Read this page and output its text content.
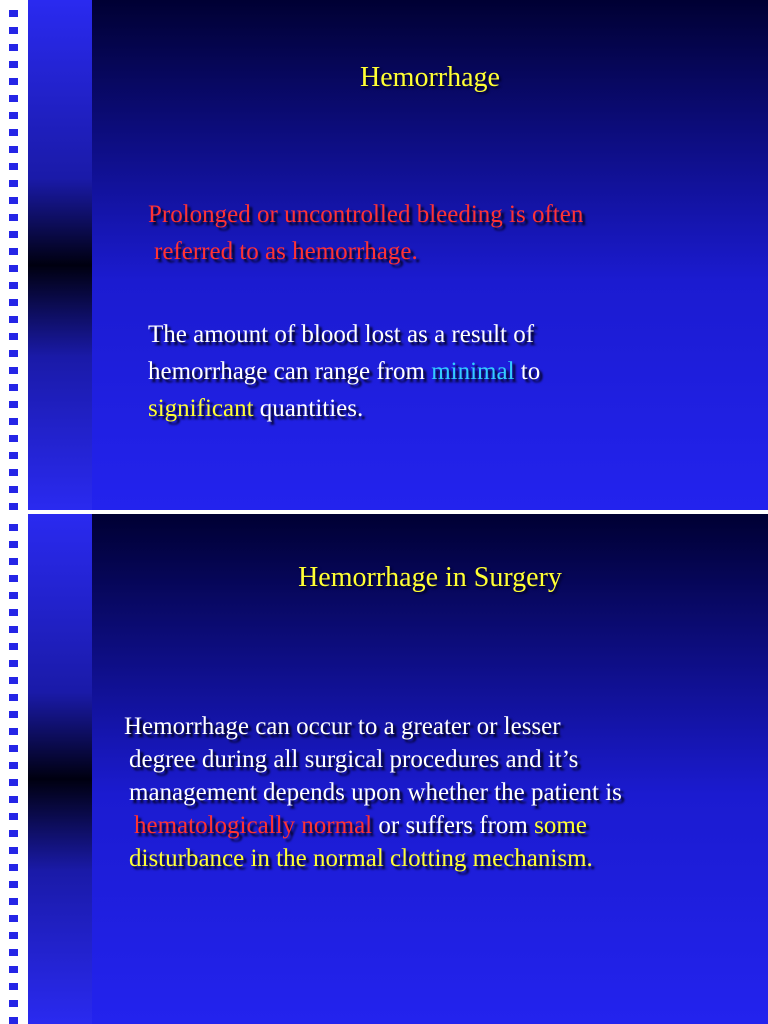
Hemorrhage
Prolonged or uncontrolled bleeding is often
referred to as hemorrhage.
The amount of blood lost as a result of
hemorrhage can range from minimal to
significant quantities.
Hemorrhage in Surgery
Hemorrhage can occur to a greater or lesser
degree during all surgical procedures and it’s
management depends upon whether the patient is
hematologically normal or suffers from some
disturbance in the normal clotting mechanism.
